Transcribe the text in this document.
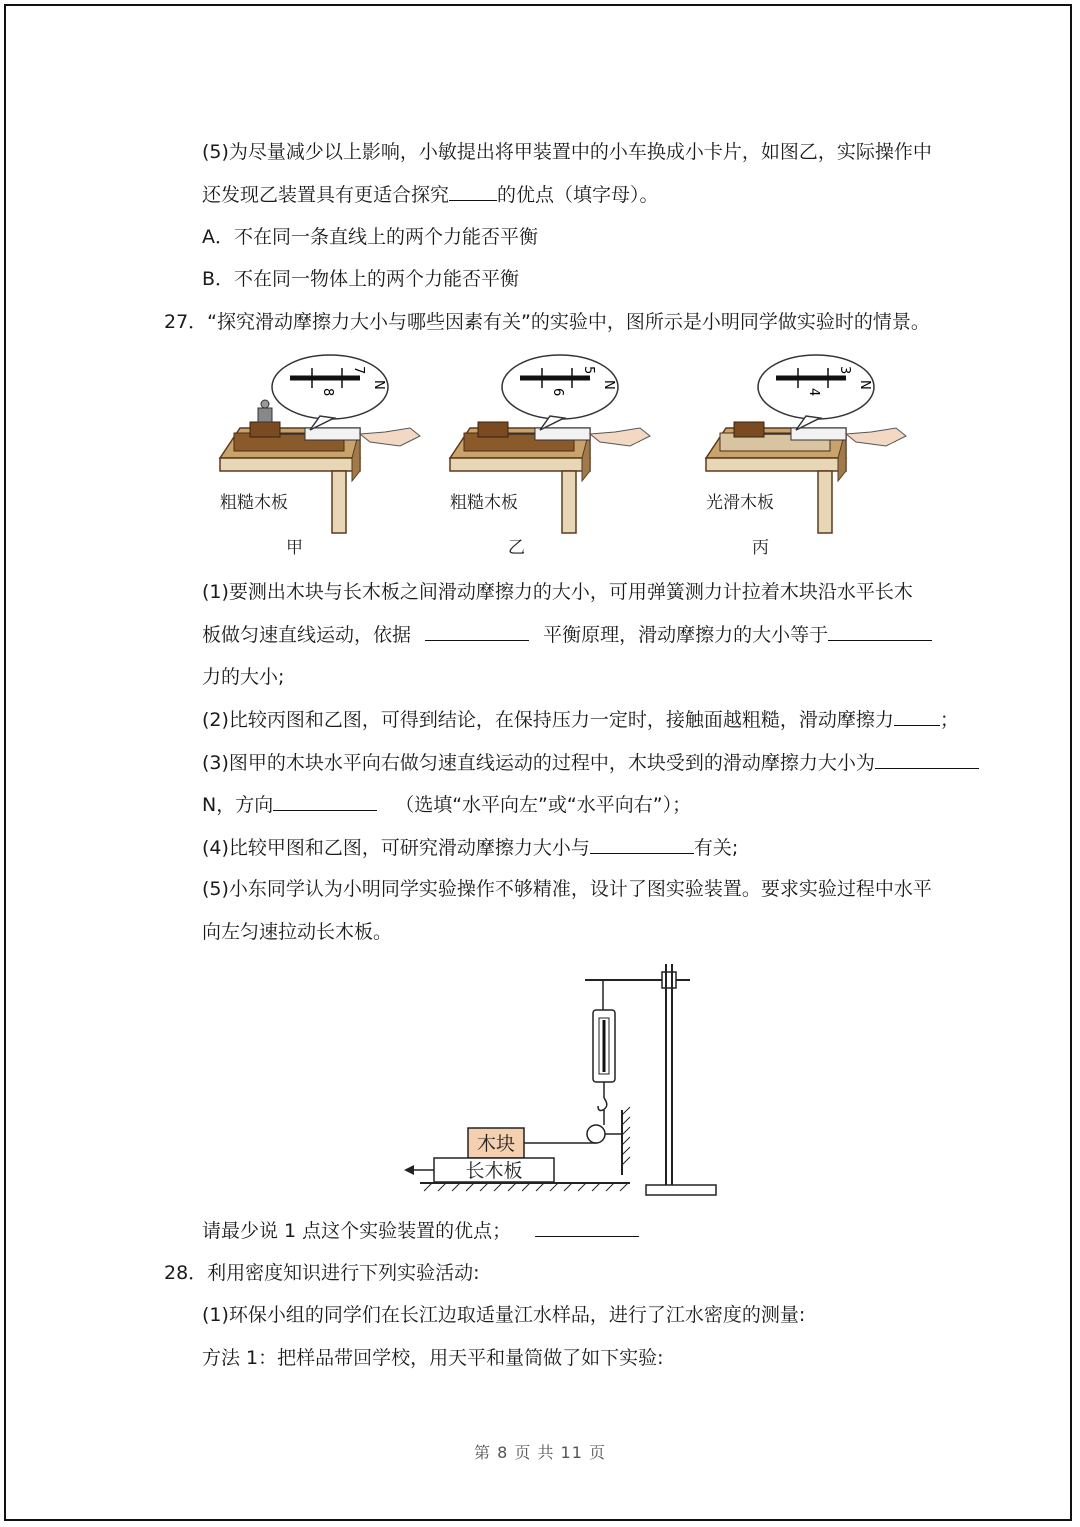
(5)为尽量减少以上影响，小敏提出将甲装置中的小车换成小卡片，如图乙，实际操作中
还发现乙装置具有更适合探究	的优点（填字母）。
A．不在同一条直线上的两个力能否平衡
B．不在同一物体上的两个力能否平衡
27．“探究滑动摩擦力大小与哪些因素有关”的实验中，图所示是小明同学做实验时的情景。
N
7
8
粗糙木板
甲
N
5
6
粗糙木板
乙
N
3
4
光滑木板
丙
(1)要测出木块与长木板之间滑动摩擦力的大小，可用弹簧测力计拉着木块沿水平长木
板做匀速直线运动，依据	平衡原理，滑动摩擦力的大小等于
力的大小;
(2)比较丙图和乙图，可得到结论，在保持压力一定时，接触面越粗糙，滑动摩擦力 ；
(3)图甲的木块水平向右做匀速直线运动的过程中，木块受到的滑动摩擦力大小为
N，方向	（选填“水平向左”或“水平向右”）；
(4)比较甲图和乙图，可研究滑动摩擦力大小与	有关;
(5)小东同学认为小明同学实验操作不够精准，设计了图实验装置。要求实验过程中水平
向左匀速拉动长木板。
木块
长木板
请最少说 1 点这个实验装置的优点；
28．利用密度知识进行下列实验活动:
(1)环保小组的同学们在长江边取适量江水样品，进行了江水密度的测量:
方法 1：把样品带回学校，用天平和量筒做了如下实验:
第 8 页 共 11 页
